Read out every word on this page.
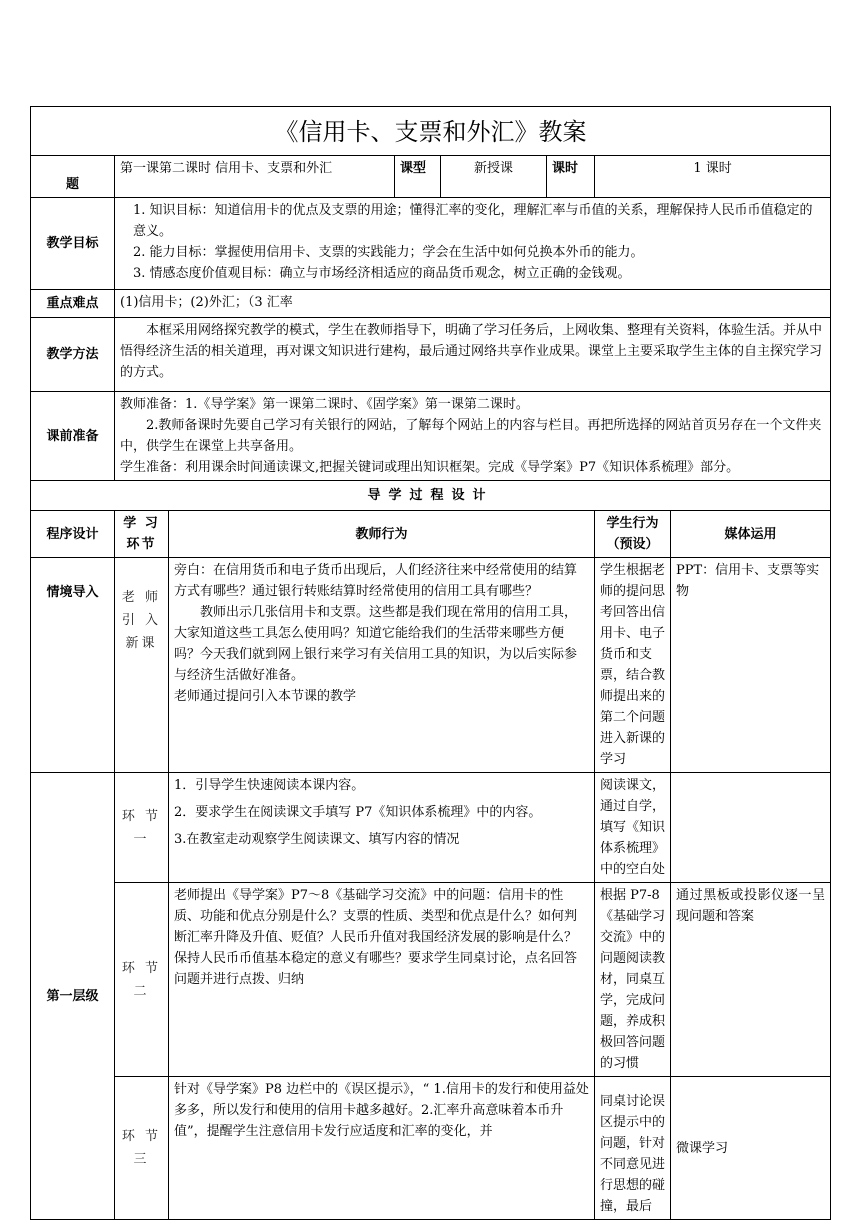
《信用卡、支票和外汇》教案							
题	第一课第二课时 信用卡、支票和外汇		课型	新授课	课时	1 课时	
教学目标	1. 知识目标：知道信用卡的优点及支票的用途；懂得汇率的变化，理解汇率与币值的关系，理解保持人民币币值稳定的意义。

2. 能力目标：掌握使用信用卡、支票的实践能力；学会在生活中如何兑换本外币的能力。

3. 情感态度价值观目标：确立与市场经济相适应的商品货币观念，树立正确的金钱观。						

重点难点	(1)信用卡；(2)外汇；（3 汇率						
教学方法	本框采用网络探究教学的模式，学生在教师指导下，明确了学习任务后，上网收集、整理有关资料，体验生活。并从中悟得经济生活的相关道理，再对课文知识进行建构，最后通过网络共享作业成果。课堂上主要采取学生主体的自主探究学习的方式。						
课前准备	教师准备：1.《导学案》第一课第二课时、《固学案》第一课第二课时。

2.教师备课时先要自己学习有关银行的网站，了解每个网站上的内容与栏目。再把所选择的网站首页另存在一个文件夹中，供学生在课堂上共享备用。

学生准备：利用课余时间通读课文,把握关键词或理出知识框架。完成《导学案》P7《知识体系梳理》部分。						

导学过程设计							
程序设计	学 习 环节	教师行为				学生行为（预设）	媒体运用
情境导入	老 师 引 入 新课	旁白：在信用货币和电子货币出现后，人们经济往来中经常使用的结算方式有哪些？通过银行转账结算时经常使用的信用工具有哪些？

教师出示几张信用卡和支票。这些都是我们现在常用的信用工具，大家知道这些工具怎么使用吗？知道它能给我们的生活带来哪些方便吗？今天我们就到网上银行来学习有关信用工具的知识，为以后实际参与经济生活做好准备。

老师通过提问引入本节课的教学				学生根据老师的提问思考回答出信用卡、电子货币和支票，结合教师提出来的第二个问题进入新课的学习	PPT：信用卡、支票等实物
第一层级	环 节 一	1．引导学生快速阅读本课内容。

2．要求学生在阅读课文手填写 P7《知识体系梳理》中的内容。

3.在教室走动观察学生阅读课文、填写内容的情况				阅读课文，通过自学，填写《知识体系梳理》中的空白处	
	环 节 二	老师提出《导学案》P7～8《基础学习交流》中的问题：信用卡的性质、功能和优点分别是什么？支票的性质、类型和优点是什么？如何判断汇率升降及升值、贬值？人民币升值对我国经济发展的影响是什么？保持人民币币值基本稳定的意义有哪些？要求学生同桌讨论，点名回答问题并进行点拨、归纳				根据 P7-8《基础学习交流》中的问题阅读教材，同桌互学，完成问题，养成积极回答问题的习惯	通过黑板或投影仪逐一呈现问题和答案
	环 节 三	针对《导学案》P8 边栏中的《误区提示》，“ 1.信用卡的发行和使用益处多多，所以发行和使用的信用卡越多越好。2.汇率升高意味着本币升值”，提醒学生注意信用卡发行应适度和汇率的变化，并				同桌讨论误区提示中的问题，针对不同意见进行思想的碰撞，最后	微课学习
